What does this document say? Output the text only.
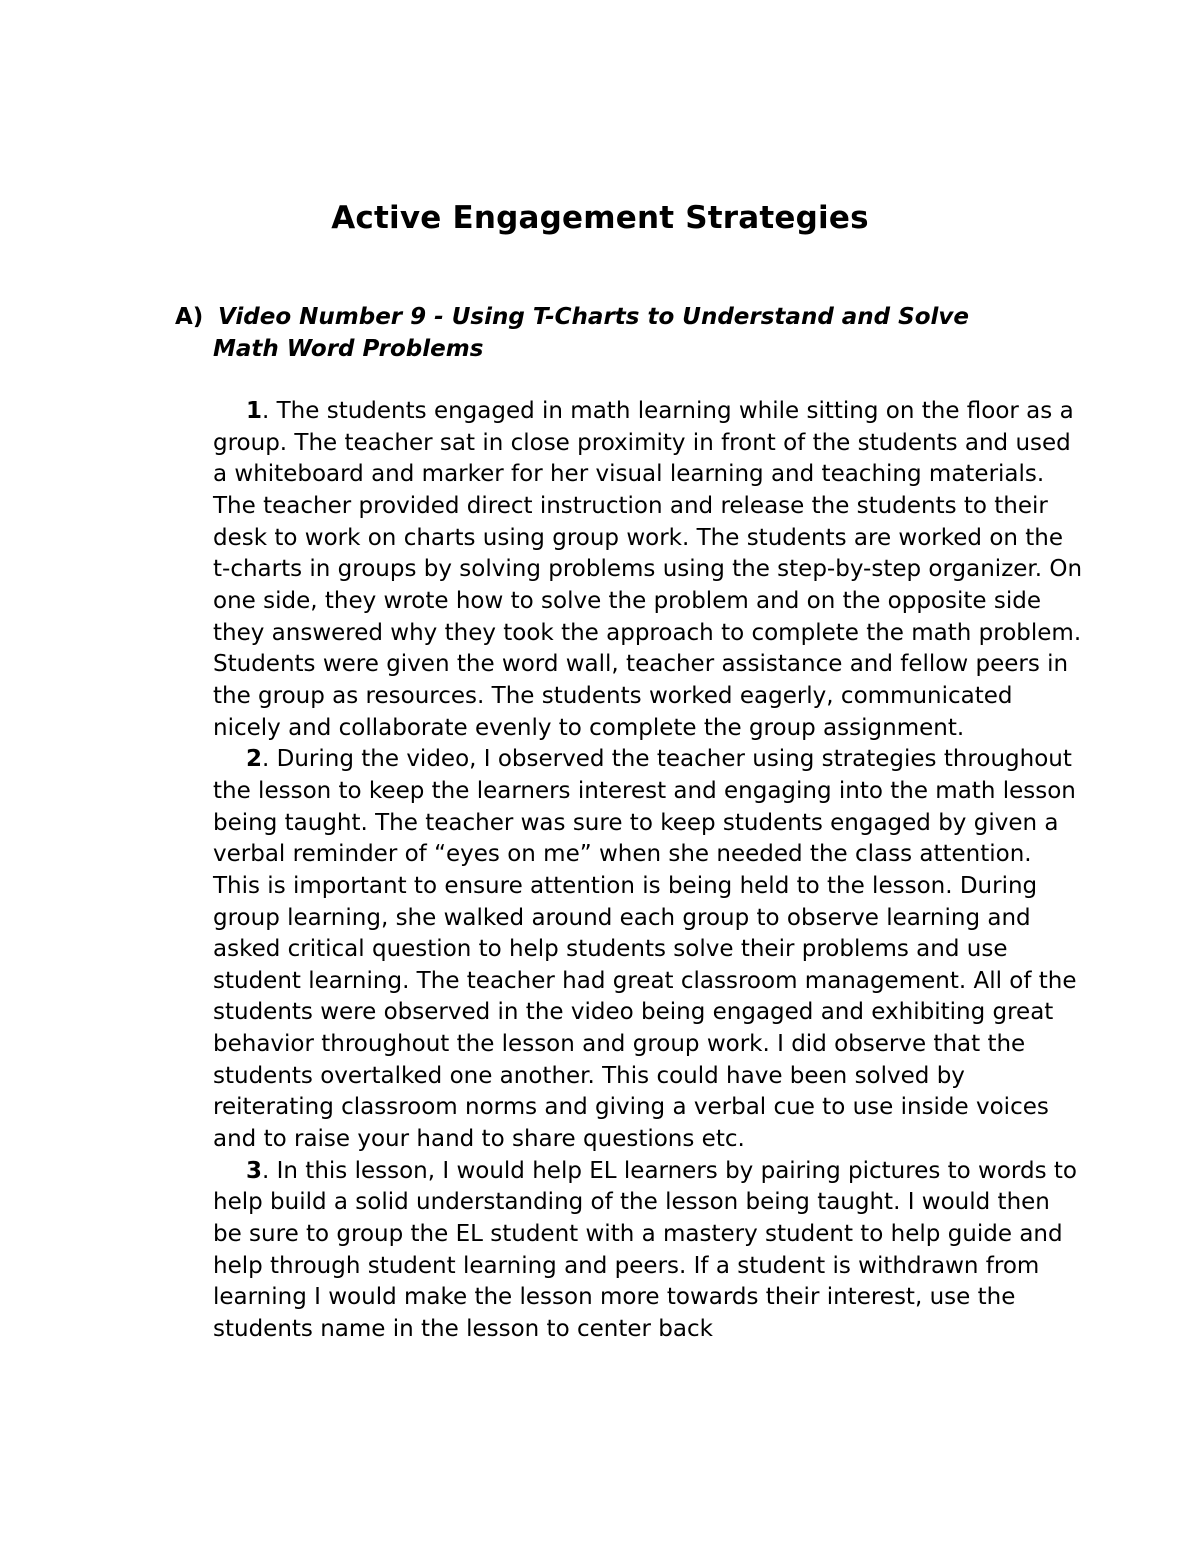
Active Engagement Strategies
A) Video Number 9 - Using T-Charts to Understand and Solve
Math Word Problems

1. The students engaged in math learning while sitting on the floor as a group. The teacher sat in close proximity in front of the students and used a whiteboard and marker for her visual learning and teaching materials. The teacher provided direct instruction and release the students to their desk to work on charts using group work. The students are worked on the t-charts in groups by solving problems using the step-by-step organizer. On one side, they wrote how to solve the problem and on the opposite side they answered why they took the approach to complete the math problem. Students were given the word wall, teacher assistance and fellow peers in the group as resources. The students worked eagerly, communicated nicely and collaborate evenly to complete the group assignment.

2. During the video, I observed the teacher using strategies throughout the lesson to keep the learners interest and engaging into the math lesson being taught. The teacher was sure to keep students engaged by given a verbal reminder of “eyes on me” when she needed the class attention. This is important to ensure attention is being held to the lesson. During group learning, she walked around each group to observe learning and asked critical question to help students solve their problems and use student learning. The teacher had great classroom management. All of the students were observed in the video being engaged and exhibiting great behavior throughout the lesson and group work. I did observe that the students overtalked one another. This could have been solved by reiterating classroom norms and giving a verbal cue to use inside voices and to raise your hand to share questions etc.

3. In this lesson, I would help EL learners by pairing pictures to words to help build a solid understanding of the lesson being taught. I would then be sure to group the EL student with a mastery student to help guide and help through student learning and peers. If a student is withdrawn from learning I would make the lesson more towards their interest, use the students name in the lesson to center back
